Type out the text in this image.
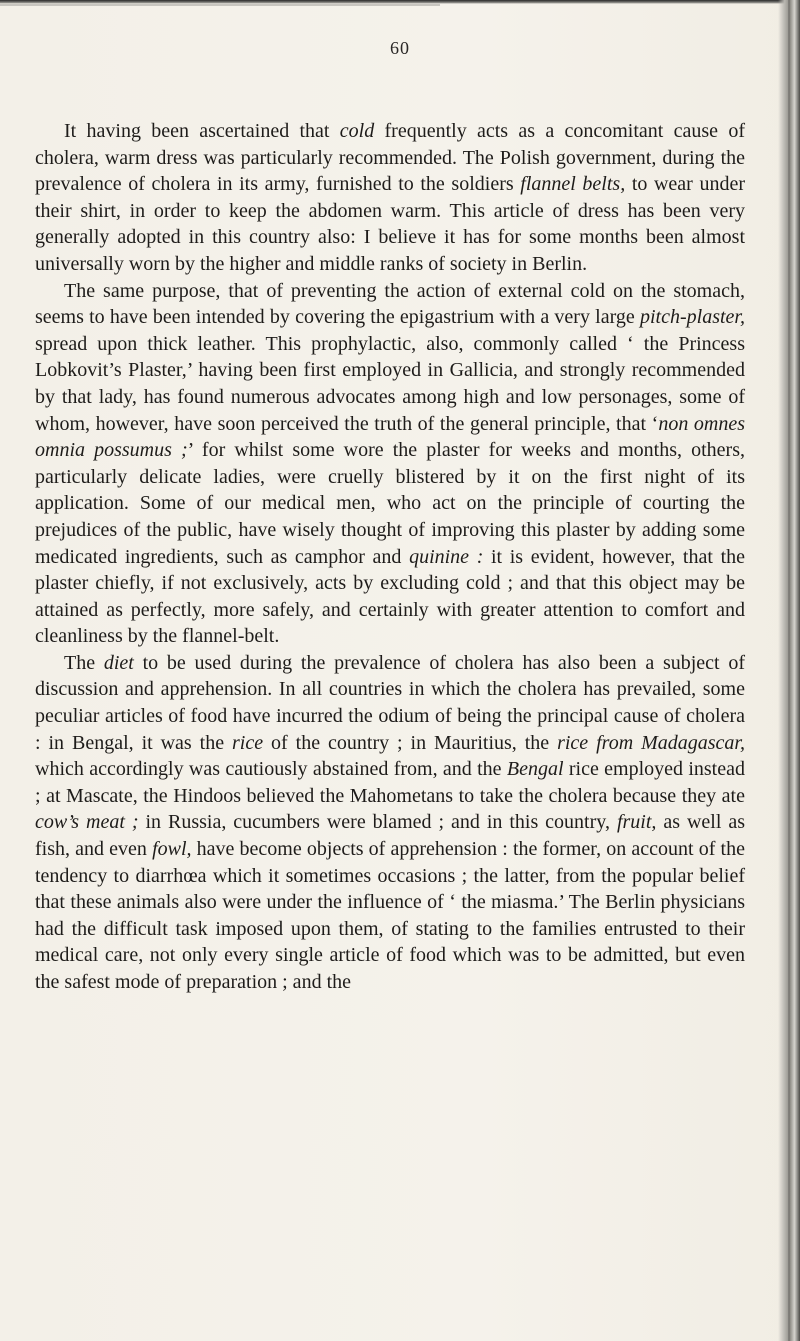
60

It having been ascertained that cold frequently acts as a concomitant cause of cholera, warm dress was particularly recommended. The Polish government, during the prevalence of cholera in its army, furnished to the soldiers flannel belts, to wear under their shirt, in order to keep the abdomen warm. This article of dress has been very generally adopted in this country also: I believe it has for some months been almost universally worn by the higher and middle ranks of society in Berlin.

The same purpose, that of preventing the action of external cold on the stomach, seems to have been intended by covering the epigastrium with a very large pitch-plaster, spread upon thick leather. This prophylactic, also, commonly called ‘ the Princess Lobkovit’s Plaster,’ having been first employed in Gallicia, and strongly recommended by that lady, has found numerous advocates among high and low personages, some of whom, however, have soon perceived the truth of the general principle, that ‘non omnes omnia possumus ;’ for whilst some wore the plaster for weeks and months, others, particularly delicate ladies, were cruelly blistered by it on the first night of its application. Some of our medical men, who act on the principle of courting the prejudices of the public, have wisely thought of improving this plaster by adding some medicated ingredients, such as camphor and quinine : it is evident, however, that the plaster chiefly, if not exclusively, acts by excluding cold ; and that this object may be attained as perfectly, more safely, and certainly with greater attention to comfort and cleanliness by the flannel-belt.

The diet to be used during the prevalence of cholera has also been a subject of discussion and apprehension. In all countries in which the cholera has prevailed, some peculiar articles of food have incurred the odium of being the principal cause of cholera : in Bengal, it was the rice of the country ; in Mauritius, the rice from Madagascar, which accordingly was cautiously abstained from, and the Bengal rice employed instead ; at Mascate, the Hindoos believed the Mahometans to take the cholera because they ate cow’s meat ; in Russia, cucumbers were blamed ; and in this country, fruit, as well as fish, and even fowl, have become objects of apprehension : the former, on account of the tendency to diarrhœa which it sometimes occasions ; the latter, from the popular belief that these animals also were under the influence of ‘ the miasma.’ The Berlin physicians had the difficult task imposed upon them, of stating to the families entrusted to their medical care, not only every single article of food which was to be admitted, but even the safest mode of preparation ; and the
